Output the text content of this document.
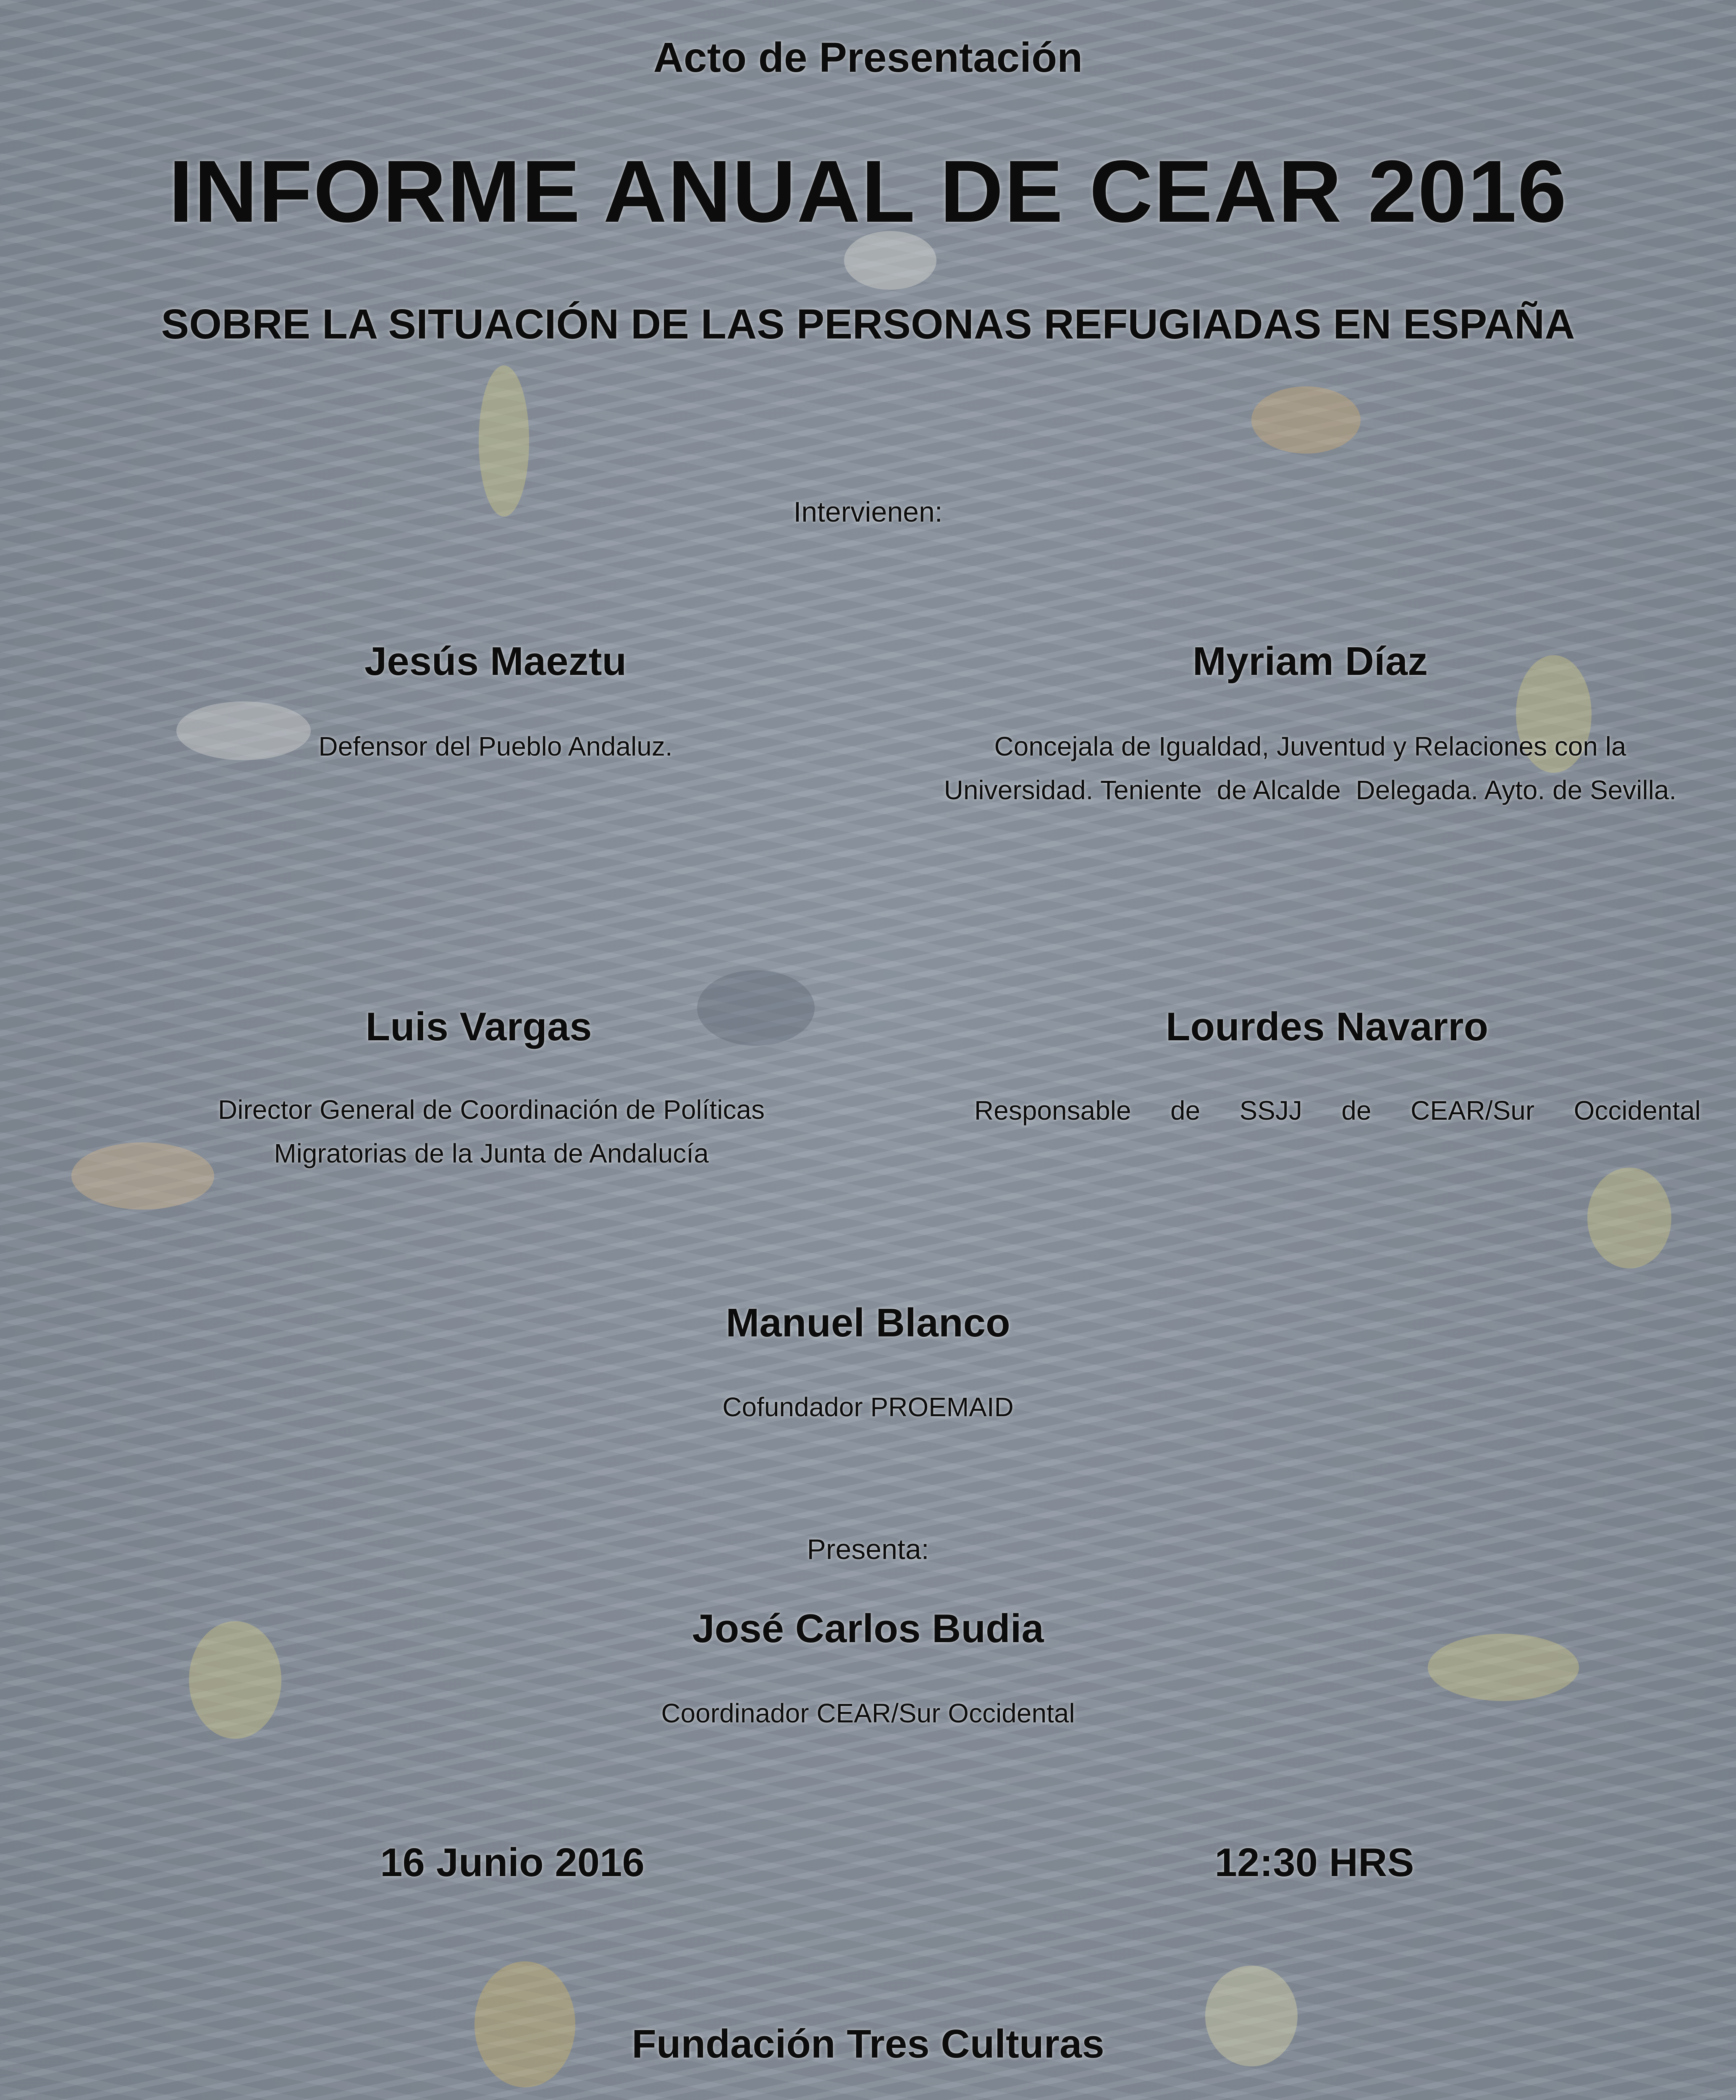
Acto de Presentación

INFORME ANUAL DE CEAR 2016
SOBRE LA SITUACIÓN DE LAS PERSONAS REFUGIADAS EN ESPAÑA

Intervienen:

Jesús Maeztu

Defensor del Pueblo Andaluz.

Myriam Díaz

Concejala de Igualdad, Juventud y Relaciones con la
Universidad. Teniente  de Alcalde  Delegada. Ayto. de Sevilla.

Luis Vargas

Director General de Coordinación de Políticas
Migratorias de la Junta de Andalucía

Lourdes Navarro

Responsable de SSJJ de CEAR/Sur Occidental

Manuel Blanco

Cofundador PROEMAID

Presenta:

José Carlos Budia

Coordinador CEAR/Sur Occidental

16 Junio 2016	12:30 HRS

Fundación Tres Culturas
